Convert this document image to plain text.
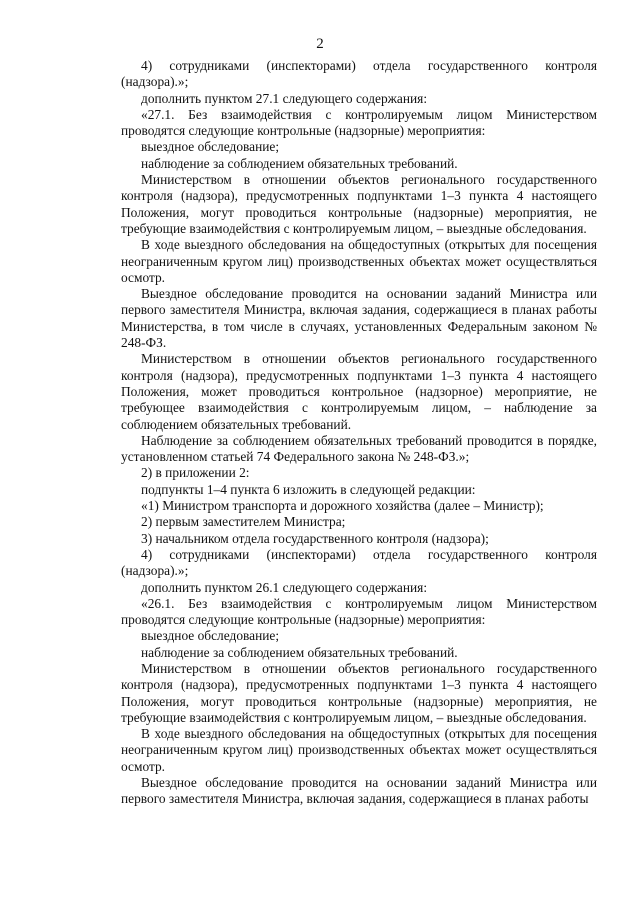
2

4) сотрудниками (инспекторами) отдела государственного контроля (надзора).»;

дополнить пунктом 27.1 следующего содержания:

«27.1. Без взаимодействия с контролируемым лицом Министерством проводятся следующие контрольные (надзорные) мероприятия:

выездное обследование;

наблюдение за соблюдением обязательных требований.

Министерством в отношении объектов регионального государственного контроля (надзора), предусмотренных подпунктами 1–3 пункта 4 настоящего Положения, могут проводиться контрольные (надзорные) мероприятия, не требующие взаимодействия с контролируемым лицом, – выездные обследования.

В ходе выездного обследования на общедоступных (открытых для посещения неограниченным кругом лиц) производственных объектах может осуществляться осмотр.

Выездное обследование проводится на основании заданий Министра или первого заместителя Министра, включая задания, содержащиеся в планах работы Министерства, в том числе в случаях, установленных Федеральным законом № 248-ФЗ.

Министерством в отношении объектов регионального государственного контроля (надзора), предусмотренных подпунктами 1–3 пункта 4 настоящего Положения, может проводиться контрольное (надзорное) мероприятие, не требующее взаимодействия с контролируемым лицом, – наблюдение за соблюдением обязательных требований.

Наблюдение за соблюдением обязательных требований проводится в порядке, установленном статьей 74 Федерального закона № 248-ФЗ.»;

2) в приложении 2:

подпункты 1–4 пункта 6 изложить в следующей редакции:

«1) Министром транспорта и дорожного хозяйства (далее – Министр);

2) первым заместителем Министра;

3) начальником отдела государственного контроля (надзора);

4) сотрудниками (инспекторами) отдела государственного контроля (надзора).»;

дополнить пунктом 26.1 следующего содержания:

«26.1. Без взаимодействия с контролируемым лицом Министерством проводятся следующие контрольные (надзорные) мероприятия:

выездное обследование;

наблюдение за соблюдением обязательных требований.

Министерством в отношении объектов регионального государственного контроля (надзора), предусмотренных подпунктами 1–3 пункта 4 настоящего Положения, могут проводиться контрольные (надзорные) мероприятия, не требующие взаимодействия с контролируемым лицом, – выездные обследования.

В ходе выездного обследования на общедоступных (открытых для посещения неограниченным кругом лиц) производственных объектах может осуществляться осмотр.

Выездное обследование проводится на основании заданий Министра или первого заместителя Министра, включая задания, содержащиеся в планах работы
